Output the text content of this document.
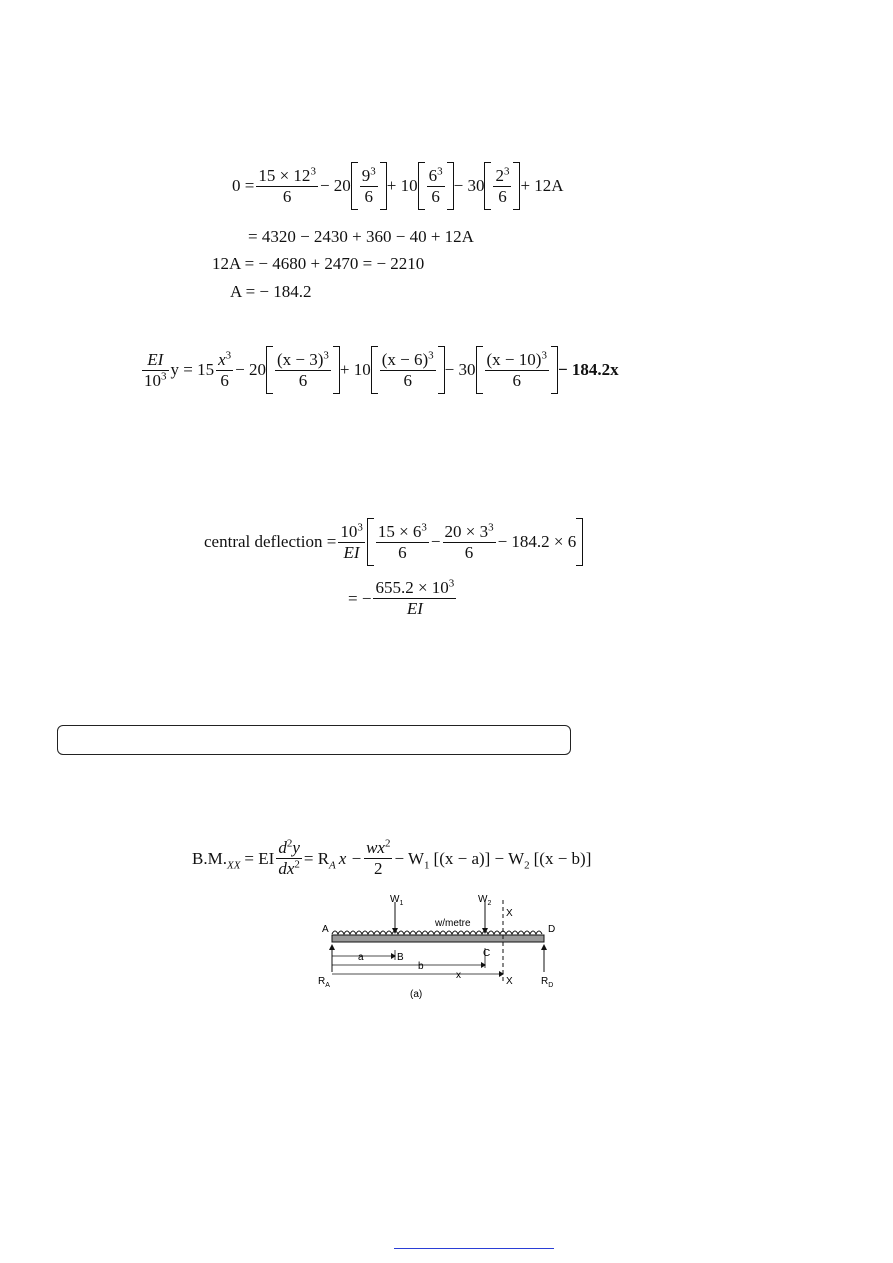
$0 = \frac{15 \times 12^3}{6} - 20 \frac{9^3}{6} + 10 \frac{6^3}{6} - 30 \frac{2^3}{6} + 12A$
= 4320 − 2430 + 360 − 40 + 12A
12A = − 4680 + 2470 = − 2210
A = − 184.2
$\frac{EI}{10^3}$ $y = 15 \frac{x^3}{6} - 20 \frac{(x - 3)^3}{6} + 10 \frac{(x - 6)^3}{6} - 30 \frac{(x - 10)^3}{6} - 184.2x$
central deflection = $\frac{10^3}{EI} \frac{15 \times 6^3}{6} - \frac{20 \times 3^3}{6} - 184.2 \times 6$
= − $\frac{655.2 \times 10^3}{EI}$
$B.M._{XX}$ = EI $\frac{d^2y}{dx^2} = R_A$ $x - \frac{wx^2}{2} - W_1$ $[(x - a)] - W_2$ [(x − b)]
A	D
B	C
$W_1$	$W_2$
w/metre
X
X
a
b
x
$R_A$	$R_D$
(a)
